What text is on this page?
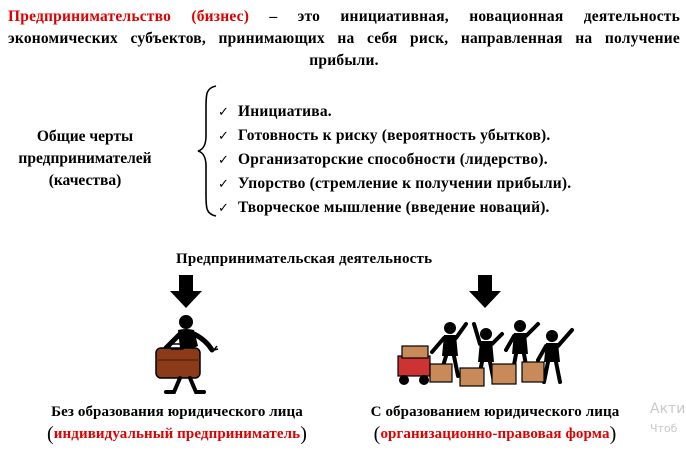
Предпринимательство (бизнес) – это инициативная, новационная деятельность экономических субъектов, принимающих на себя риск, направленная на получение прибыли.
Общие черты предпринимателей (качества)
✓ Инициатива.
✓ Готовность к риску (вероятность убытков).
✓ Организаторские способности (лидерство).
✓ Упорство (стремление к получении прибыли).
✓ Творческое мышление (введение новаций).
Предпринимательская деятельность
Без образования юридического лица
(индивидуальный предприниматель)
С образованием юридического лица
(организационно-правовая форма)
Акти
Чтоб
